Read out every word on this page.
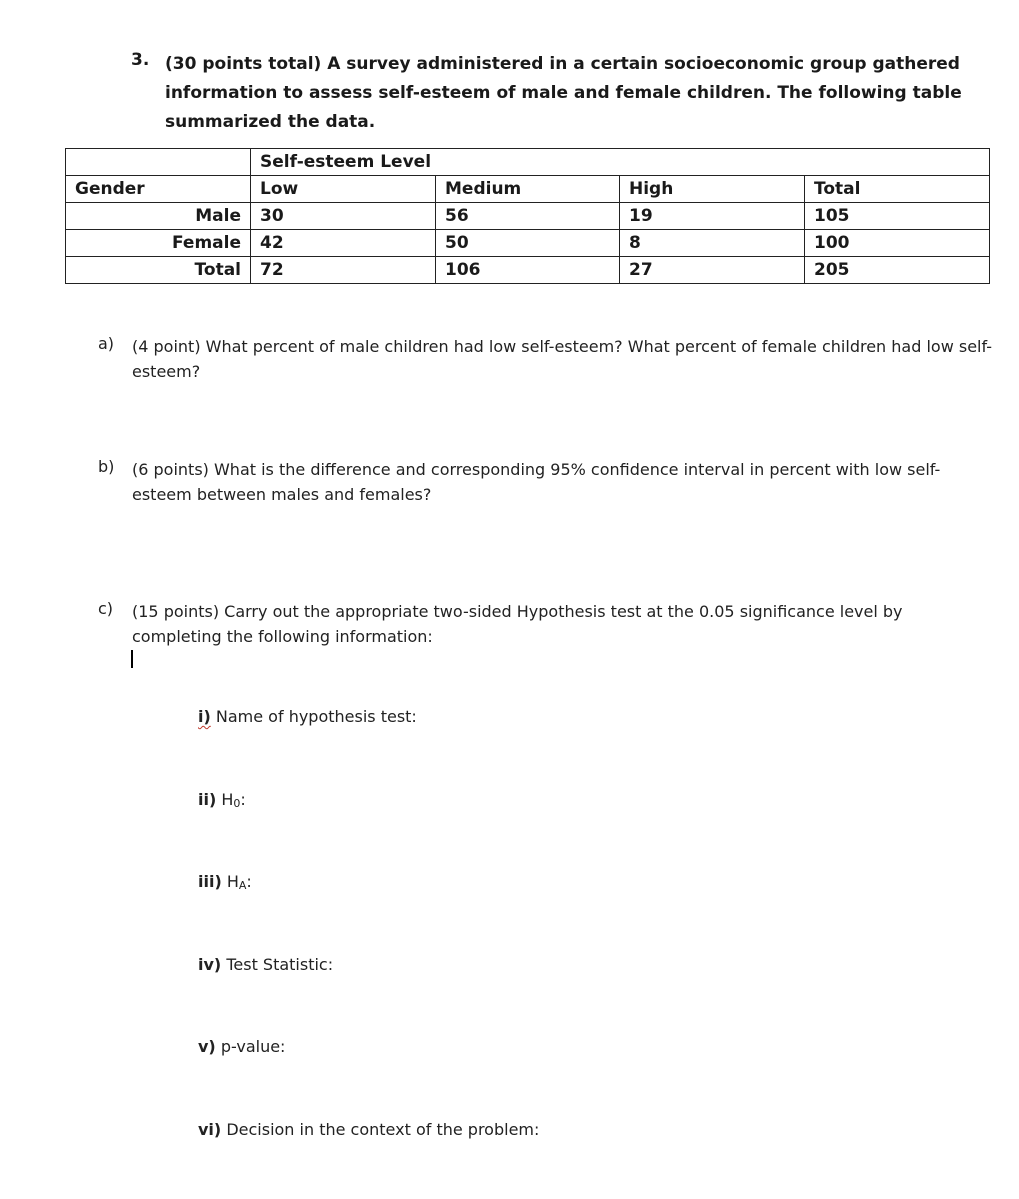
3. (30 points total) A survey administered in a certain socioeconomic group gathered information to assess self-esteem of male and female children. The following table summarized the data.
	Self-esteem Level			
Gender	Low	Medium	High	Total
Male	30	56	19	105
Female	42	50	8	100
Total	72	106	27	205
a) (4 point) What percent of male children had low self-esteem? What percent of female children had low self-esteem?
b) (6 points) What is the difference and corresponding 95% confidence interval in percent with low self-esteem between males and females?
c) (15 points) Carry out the appropriate two-sided Hypothesis test at the 0.05 significance level by completing the following information:
i) Name of hypothesis test:
ii) $H_0$:
iii) $H_A$:
iv) Test Statistic:
v) p-value:
vi) Decision in the context of the problem:
